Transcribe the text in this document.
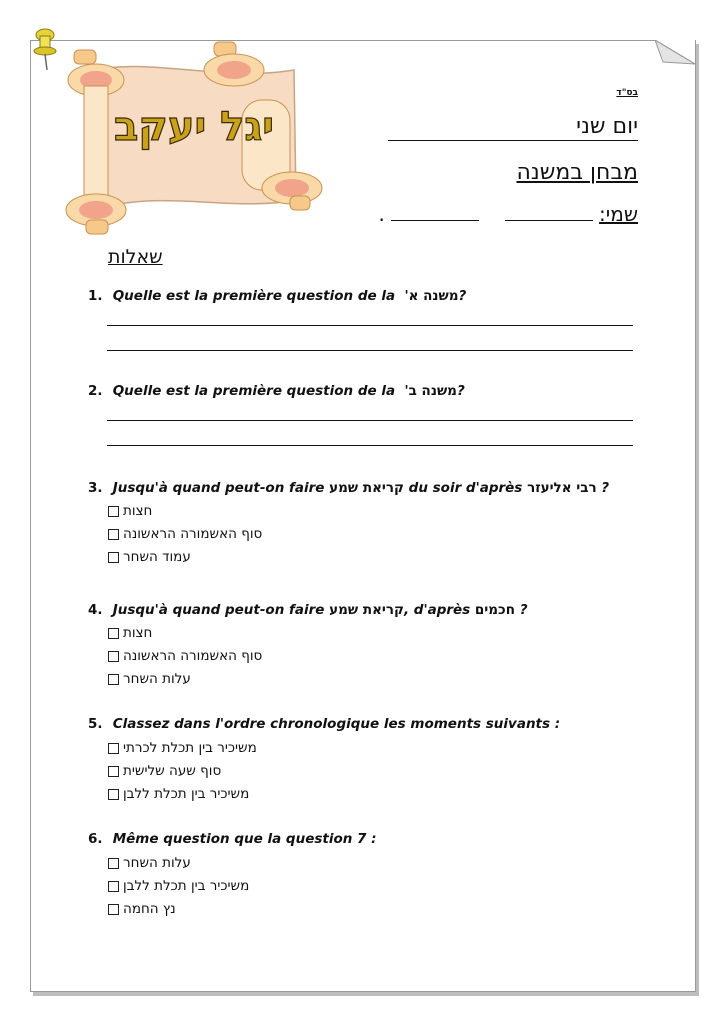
יגל יעקב
בס"ד
יום שני
מבחן במשנה
שמי:      .
שאלות
1. Quelle est la première question de la משנה א'?
2. Quelle est la première question de la משנה ב'?
3. Jusqu'à quand peut-on faire קריאת שמע du soir d'après רבי אליעזר ?
חצות
סוף האשמורה הראשונה
עמוד השחר
4. Jusqu'à quand peut-on faire קריאת שמע, d'après חכמים ?
חצות
סוף האשמורה הראשונה
עלות השחר
5. Classez dans l'ordre chronologique les moments suivants :
משיכיר בין תכלת לכרתי
סוף שעה שלישית
משיכיר בין תכלת ללבן
6. Même question que la question 7 :
עלות השחר
משיכיר בין תכלת ללבן
נץ החמה
